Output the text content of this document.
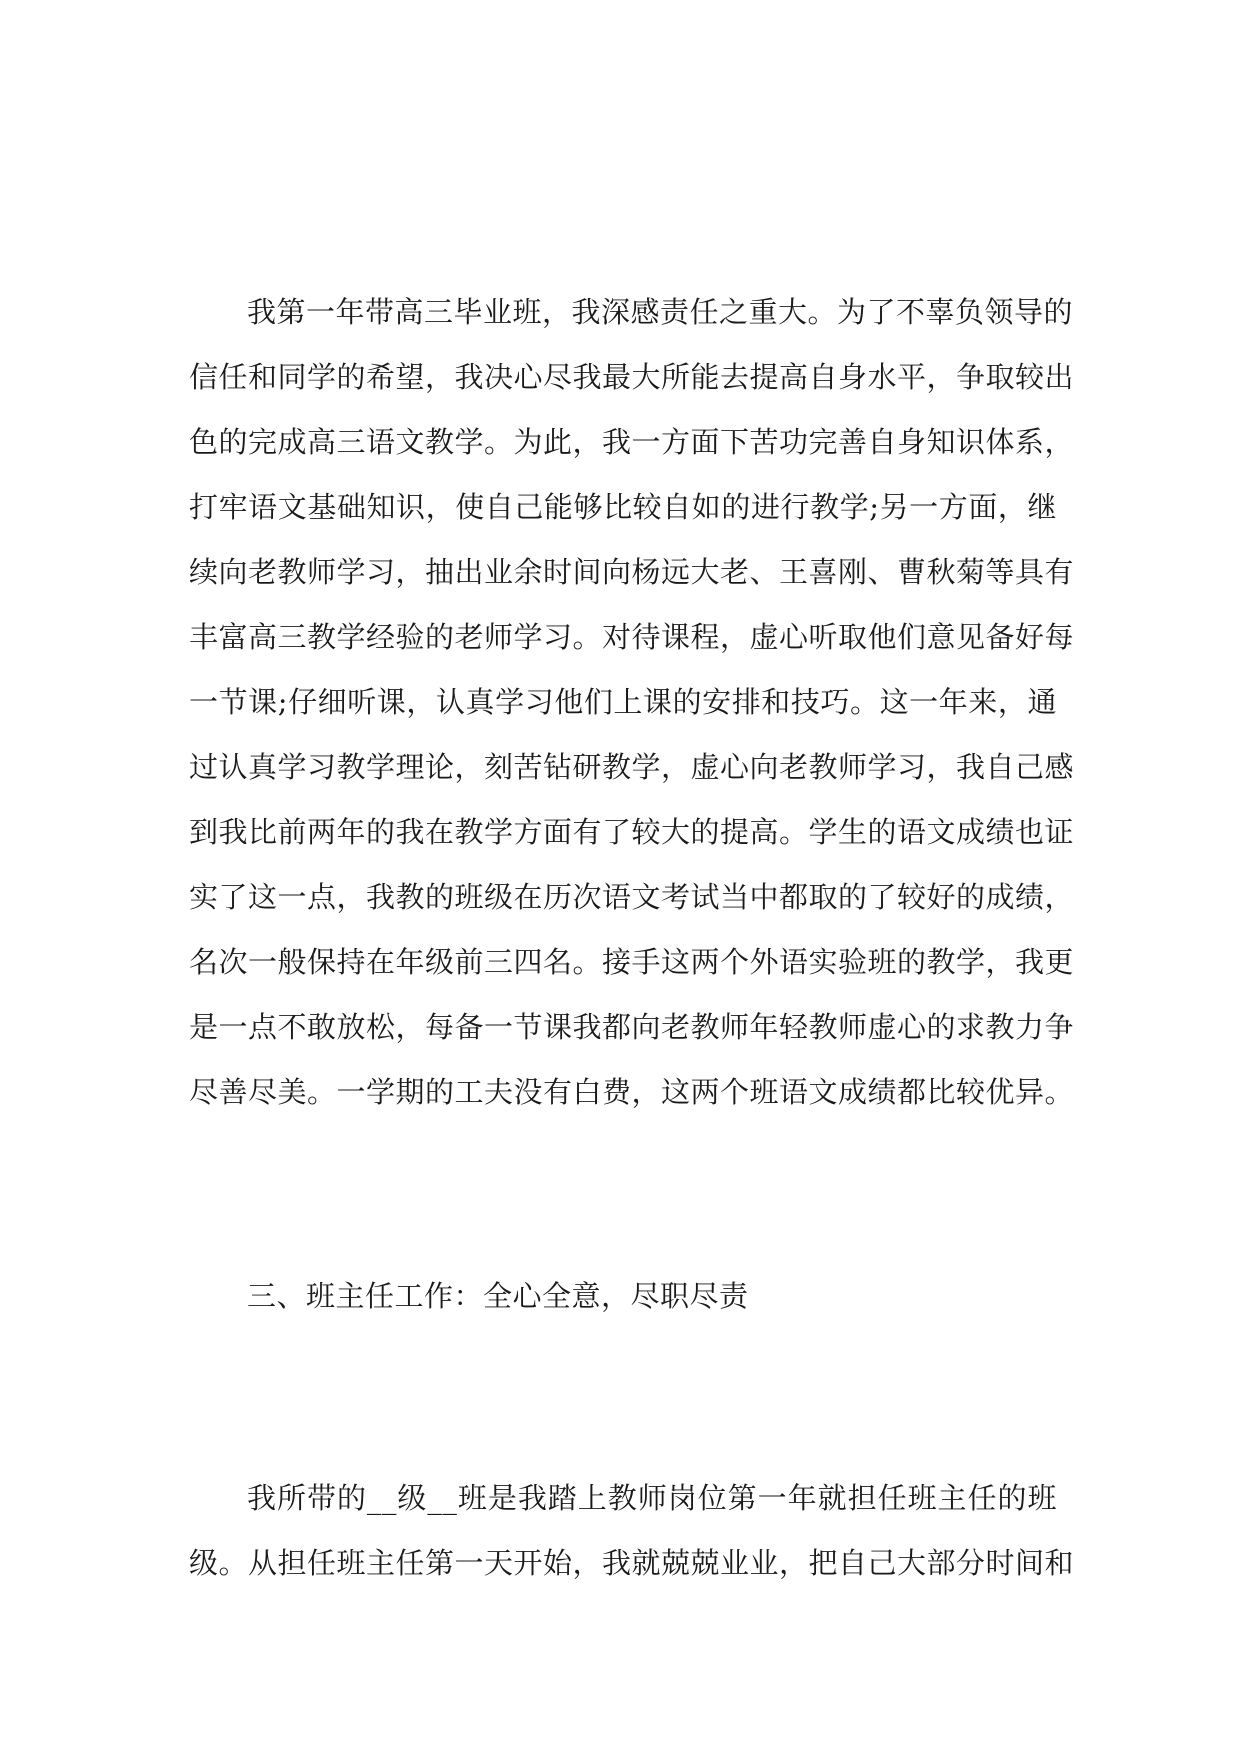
我第一年带高三毕业班，我深感责任之重大。为了不辜负领导的
信任和同学的希望，我决心尽我最大所能去提高自身水平，争取较出
色的完成高三语文教学。为此，我一方面下苦功完善自身知识体系，
打牢语文基础知识，使自己能够比较自如的进行教学;另一方面，继
续向老教师学习，抽出业余时间向杨远大老、王喜刚、曹秋菊等具有
丰富高三教学经验的老师学习。对待课程，虚心听取他们意见备好每
一节课;仔细听课，认真学习他们上课的安排和技巧。这一年来，通
过认真学习教学理论，刻苦钻研教学，虚心向老教师学习，我自己感
到我比前两年的我在教学方面有了较大的提高。学生的语文成绩也证
实了这一点，我教的班级在历次语文考试当中都取的了较好的成绩，
名次一般保持在年级前三四名。接手这两个外语实验班的教学，我更
是一点不敢放松，每备一节课我都向老教师年轻教师虚心的求教力争
尽善尽美。一学期的工夫没有白费，这两个班语文成绩都比较优异。
三、班主任工作：全心全意，尽职尽责
我所带的__级__班是我踏上教师岗位第一年就担任班主任的班
级。从担任班主任第一天开始，我就兢兢业业，把自己大部分时间和
